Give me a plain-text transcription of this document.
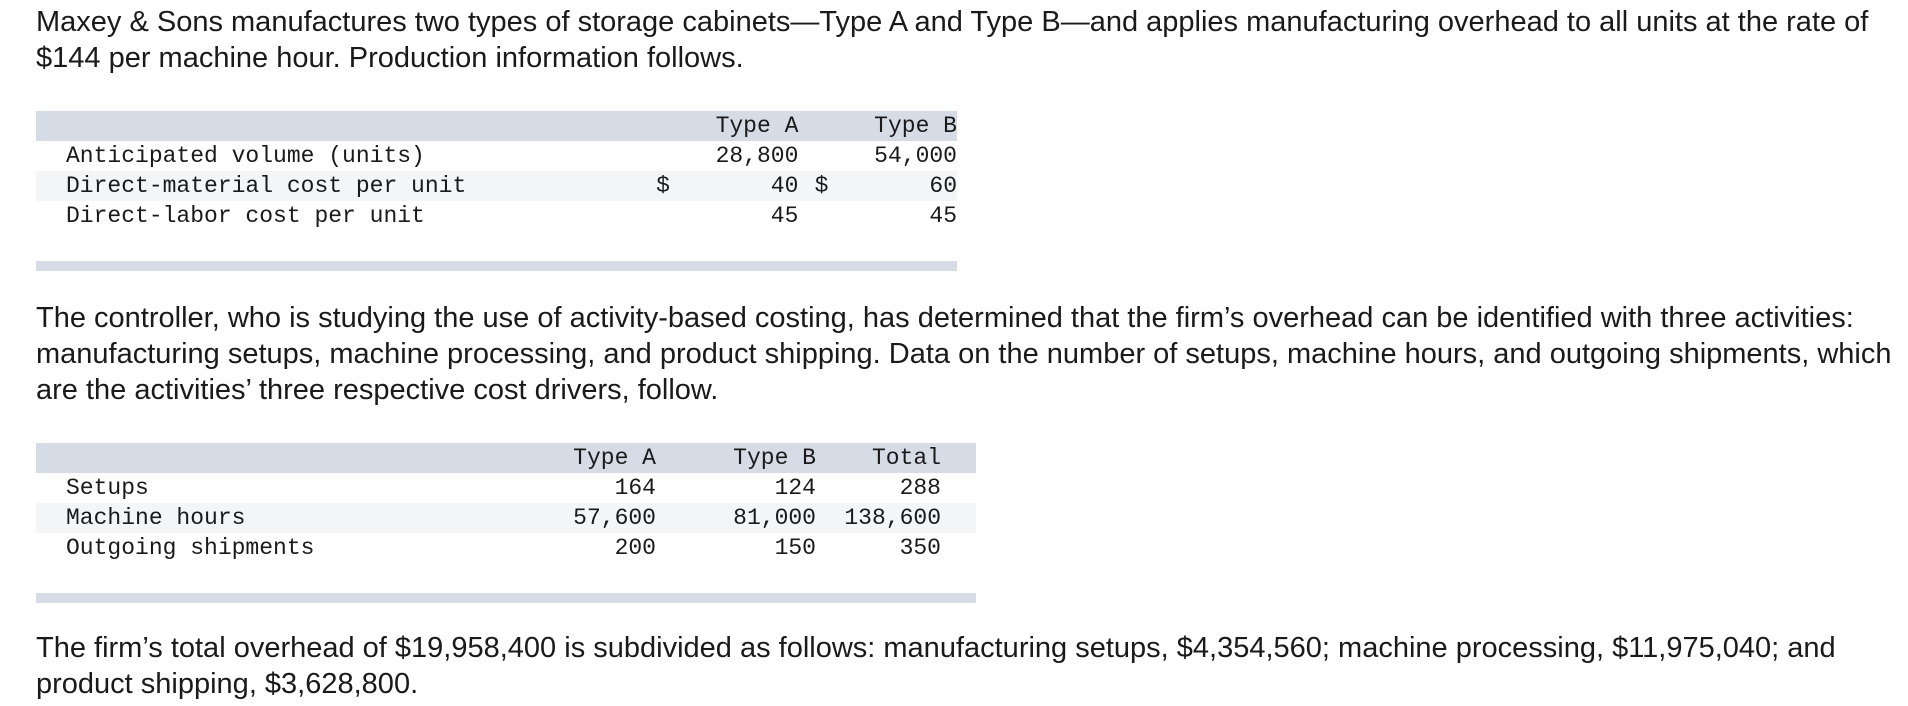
Maxey & Sons manufactures two types of storage cabinets—Type A and Type B—and applies manufacturing overhead to all units at the rate of $144 per machine hour. Production information follows.

	Type A			Type B	
Anticipated volume (units)		28,800			54,000
Direct-material cost per unit	$	40		$	60
Direct-labor cost per unit		45			45

The controller, who is studying the use of activity-based costing, has determined that the firm’s overhead can be identified with three activities: manufacturing setups, machine processing, and product shipping. Data on the number of setups, machine hours, and outgoing shipments, which are the activities’ three respective cost drivers, follow.

	Type A	Type B	Total
Setups	164	124	288
Machine hours	57,600	81,000	138,600
Outgoing shipments	200	150	350

The firm’s total overhead of $19,958,400 is subdivided as follows: manufacturing setups, $4,354,560; machine processing, $11,975,040; and product shipping, $3,628,800.
